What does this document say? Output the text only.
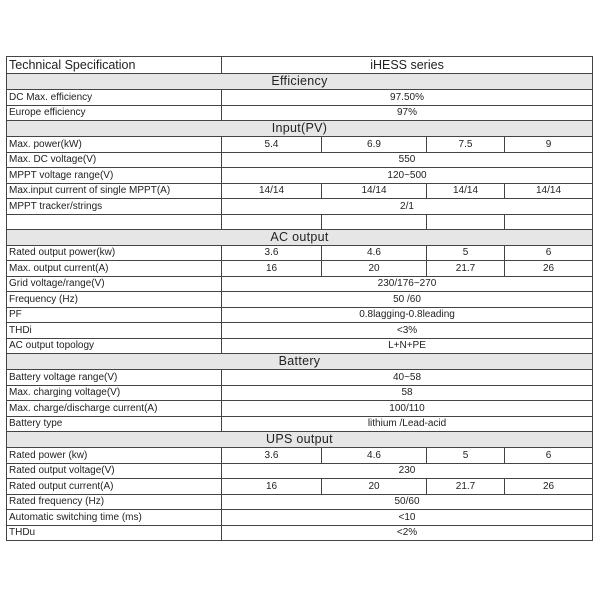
Technical Specification	iHESS series			
Efficiency				
DC Max. efficiency	97.50%			
Europe efficiency	97%			
Input(PV)				
Max. power(kW)	5.4	6.9	7.5	9
Max. DC voltage(V)	550			
MPPT voltage range(V)	120~500			
Max.input current of single MPPT(A)	14/14	14/14	14/14	14/14
MPPT tracker/strings	2/1			

AC output				
Rated output power(kw)	3.6	4.6	5	6
Max. output current(A)	16	20	21.7	26
Grid voltage/range(V)	230/176~270			
Frequency (Hz)	50 /60			
PF	0.8lagging-0.8leading			
THDi	<3%			
AC output topology	L+N+PE			
Battery				
Battery voltage range(V)	40~58			
Max. charging voltage(V)	58			
Max. charge/discharge current(A)	100/110			
Battery type	lithium /Lead-acid			
UPS output				
Rated power (kw)	3.6	4.6	5	6
Rated output voltage(V)	230			
Rated output current(A)	16	20	21.7	26
Rated frequency (Hz)	50/60			
Automatic switching time (ms)	<10			
THDu	<2%			
